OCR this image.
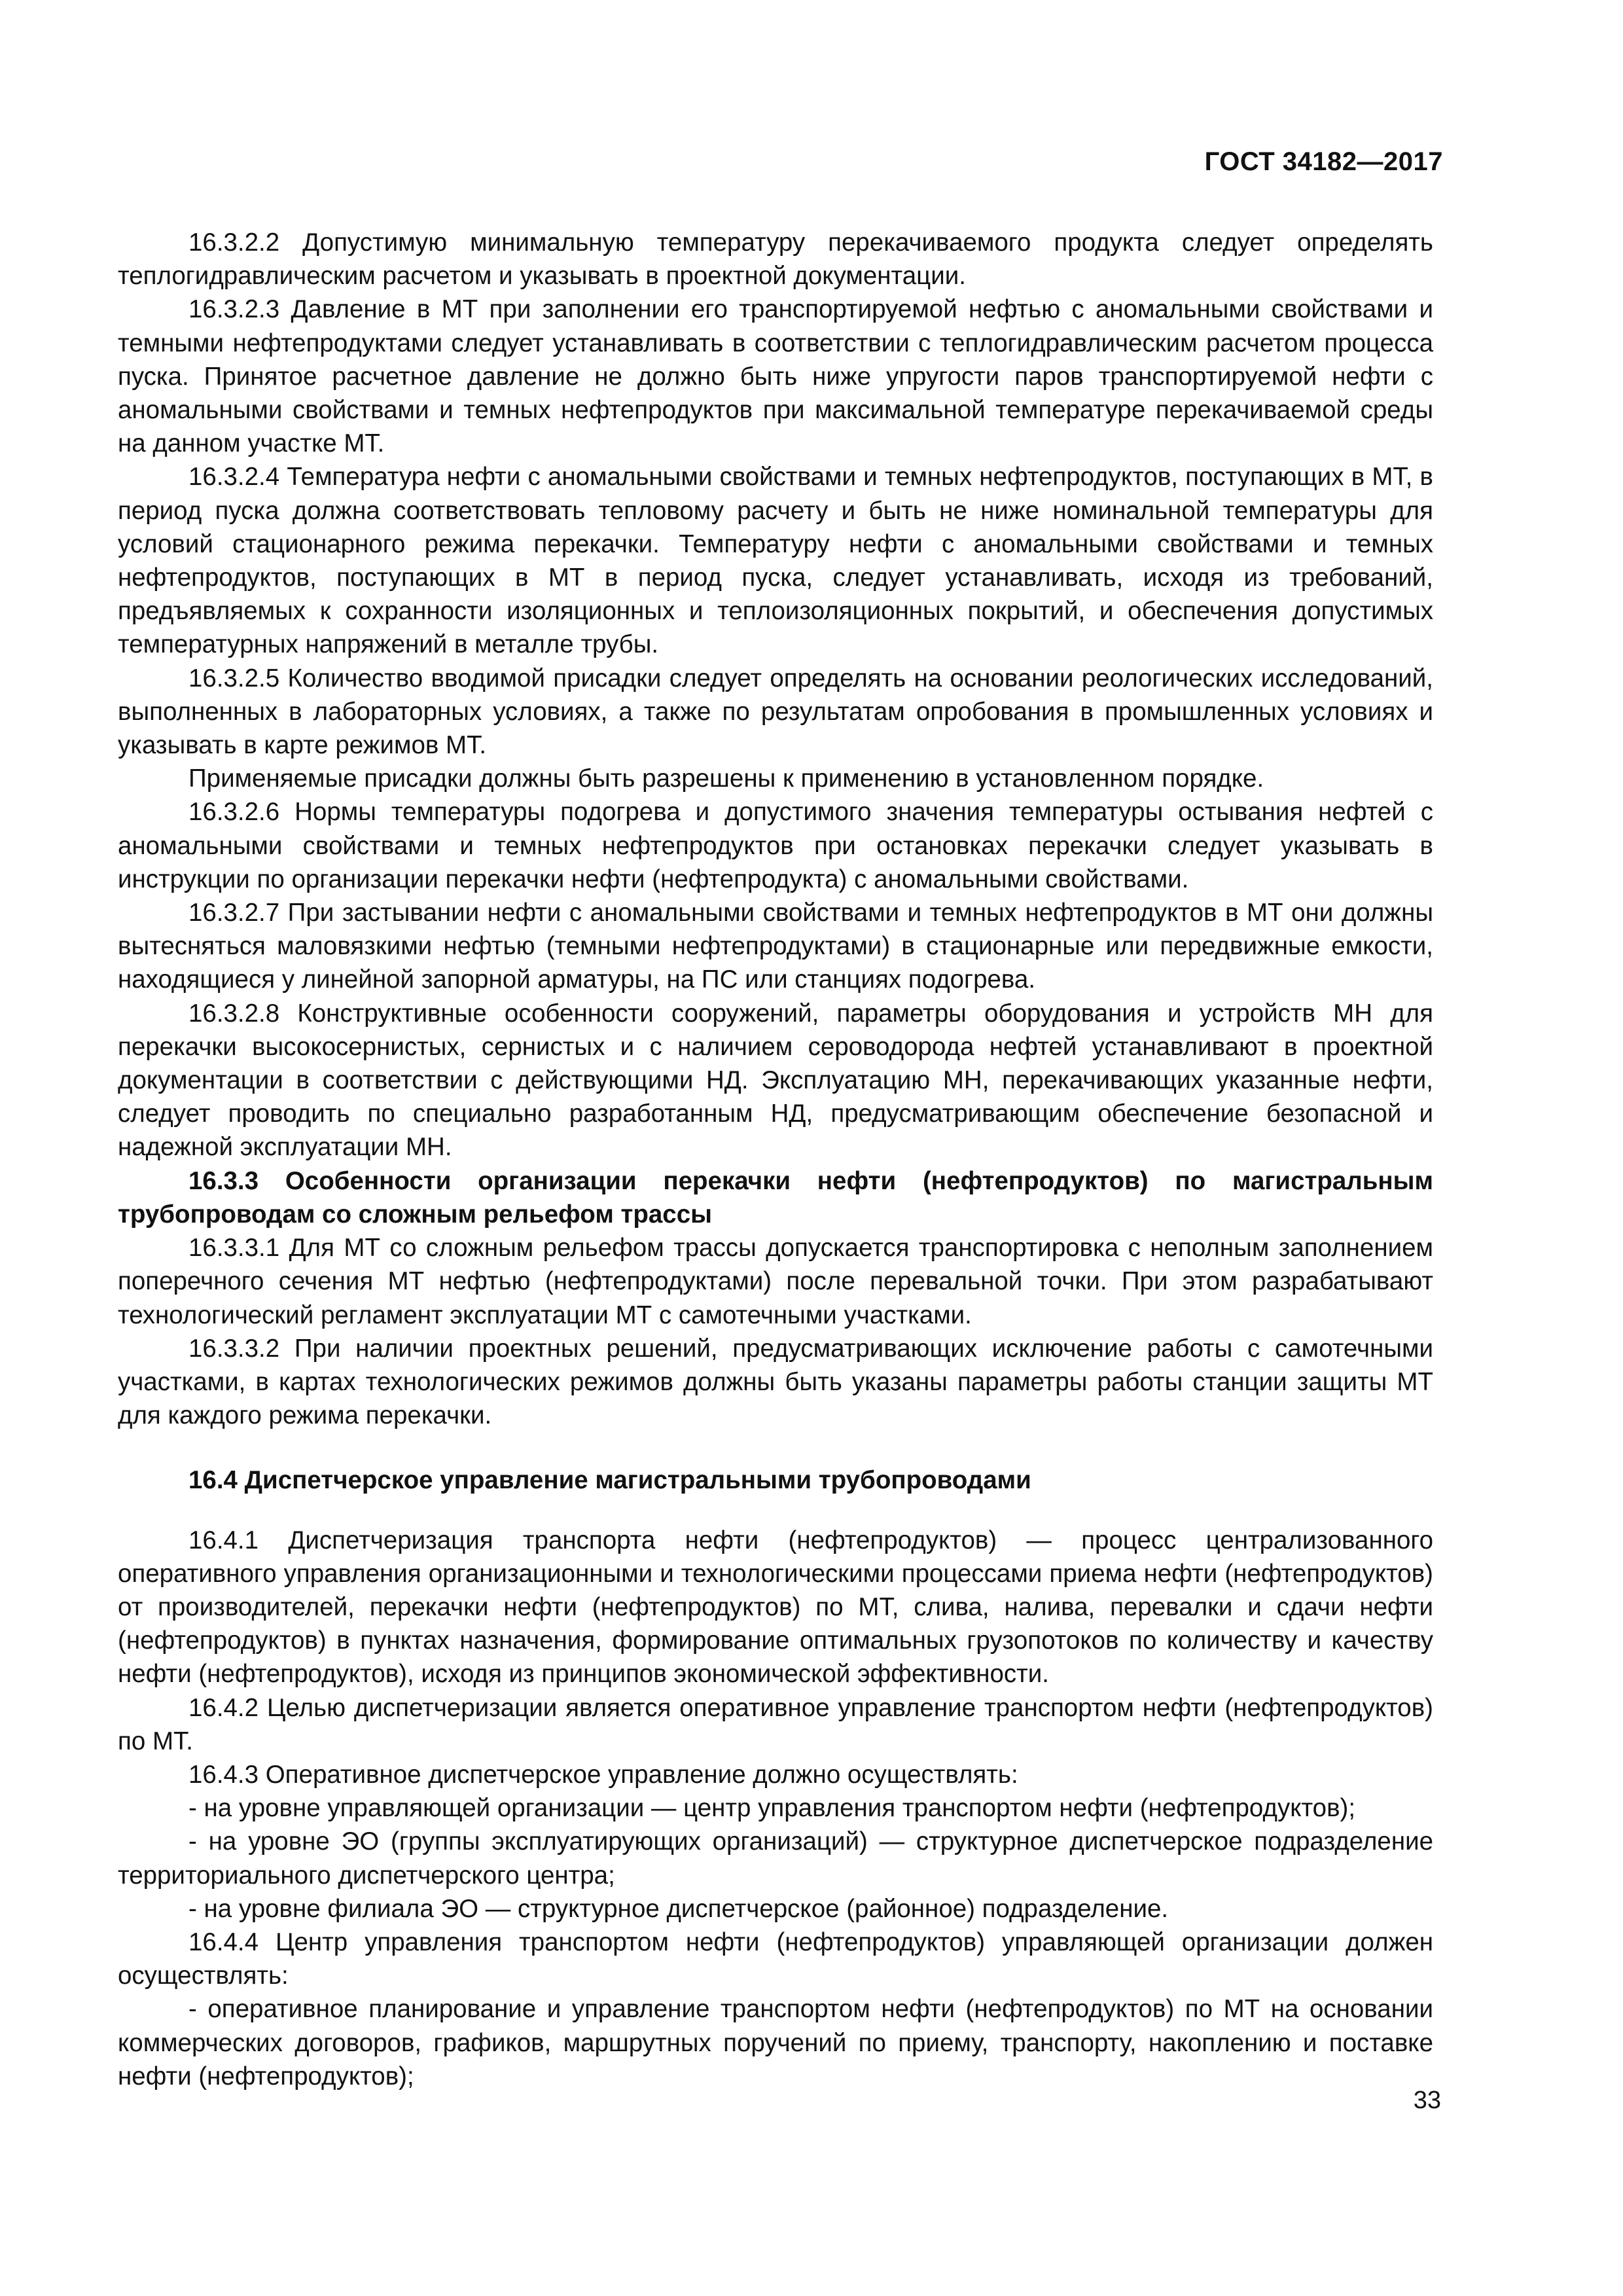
ГОСТ 34182—2017

16.3.2.2 Допустимую минимальную температуру перекачиваемого продукта следует определять теплогидравлическим расчетом и указывать в проектной документации.

16.3.2.3 Давление в МТ при заполнении его транспортируемой нефтью с аномальными свойствами и темными нефтепродуктами следует устанавливать в соответствии с теплогидравлическим расчетом процесса пуска. Принятое расчетное давление не должно быть ниже упругости паров транспортируемой нефти с аномальными свойствами и темных нефтепродуктов при максимальной температуре перекачиваемой среды на данном участке МТ.

16.3.2.4 Температура нефти с аномальными свойствами и темных нефтепродуктов, поступающих в МТ, в период пуска должна соответствовать тепловому расчету и быть не ниже номинальной температуры для условий стационарного режима перекачки. Температуру нефти с аномальными свойствами и темных нефтепродуктов, поступающих в МТ в период пуска, следует устанавливать, исходя из требований, предъявляемых к сохранности изоляционных и теплоизоляционных покрытий, и обеспечения допустимых температурных напряжений в металле трубы.

16.3.2.5 Количество вводимой присадки следует определять на основании реологических исследований, выполненных в лабораторных условиях, а также по результатам опробования в промышленных условиях и указывать в карте режимов МТ.

Применяемые присадки должны быть разрешены к применению в установленном порядке.

16.3.2.6 Нормы температуры подогрева и допустимого значения температуры остывания нефтей с аномальными свойствами и темных нефтепродуктов при остановках перекачки следует указывать в инструкции по организации перекачки нефти (нефтепродукта) с аномальными свойствами.

16.3.2.7 При застывании нефти с аномальными свойствами и темных нефтепродуктов в МТ они должны вытесняться маловязкими нефтью (темными нефтепродуктами) в стационарные или передвижные емкости, находящиеся у линейной запорной арматуры, на ПС или станциях подогрева.

16.3.2.8 Конструктивные особенности сооружений, параметры оборудования и устройств МН для перекачки высокосернистых, сернистых и с наличием сероводорода нефтей устанавливают в проектной документации в соответствии с действующими НД. Эксплуатацию МН, перекачивающих указанные нефти, следует проводить по специально разработанным НД, предусматривающим обеспечение безопасной и надежной эксплуатации МН.

16.3.3 Особенности организации перекачки нефти (нефтепродуктов) по магистральным трубопроводам со сложным рельефом трассы

16.3.3.1 Для МТ со сложным рельефом трассы допускается транспортировка с неполным заполнением поперечного сечения МТ нефтью (нефтепродуктами) после перевальной точки. При этом разрабатывают технологический регламент эксплуатации МТ с самотечными участками.

16.3.3.2 При наличии проектных решений, предусматривающих исключение работы с самотечными участками, в картах технологических режимов должны быть указаны параметры работы станции защиты МТ для каждого режима перекачки.

16.4 Диспетчерское управление магистральными трубопроводами

16.4.1 Диспетчеризация транспорта нефти (нефтепродуктов) — процесс централизованного оперативного управления организационными и технологическими процессами приема нефти (нефтепродуктов) от производителей, перекачки нефти (нефтепродуктов) по МТ, слива, налива, перевалки и сдачи нефти (нефтепродуктов) в пунктах назначения, формирование оптимальных грузопотоков по количеству и качеству нефти (нефтепродуктов), исходя из принципов экономической эффективности.

16.4.2 Целью диспетчеризации является оперативное управление транспортом нефти (нефтепродуктов) по МТ.

16.4.3 Оперативное диспетчерское управление должно осуществлять:

- на уровне управляющей организации — центр управления транспортом нефти (нефтепродуктов);

- на уровне ЭО (группы эксплуатирующих организаций) — структурное диспетчерское подразделение территориального диспетчерского центра;

- на уровне филиала ЭО — структурное диспетчерское (районное) подразделение.

16.4.4 Центр управления транспортом нефти (нефтепродуктов) управляющей организации должен осуществлять:

- оперативное планирование и управление транспортом нефти (нефтепродуктов) по МТ на основании коммерческих договоров, графиков, маршрутных поручений по приему, транспорту, накоплению и поставке нефти (нефтепродуктов);

33
